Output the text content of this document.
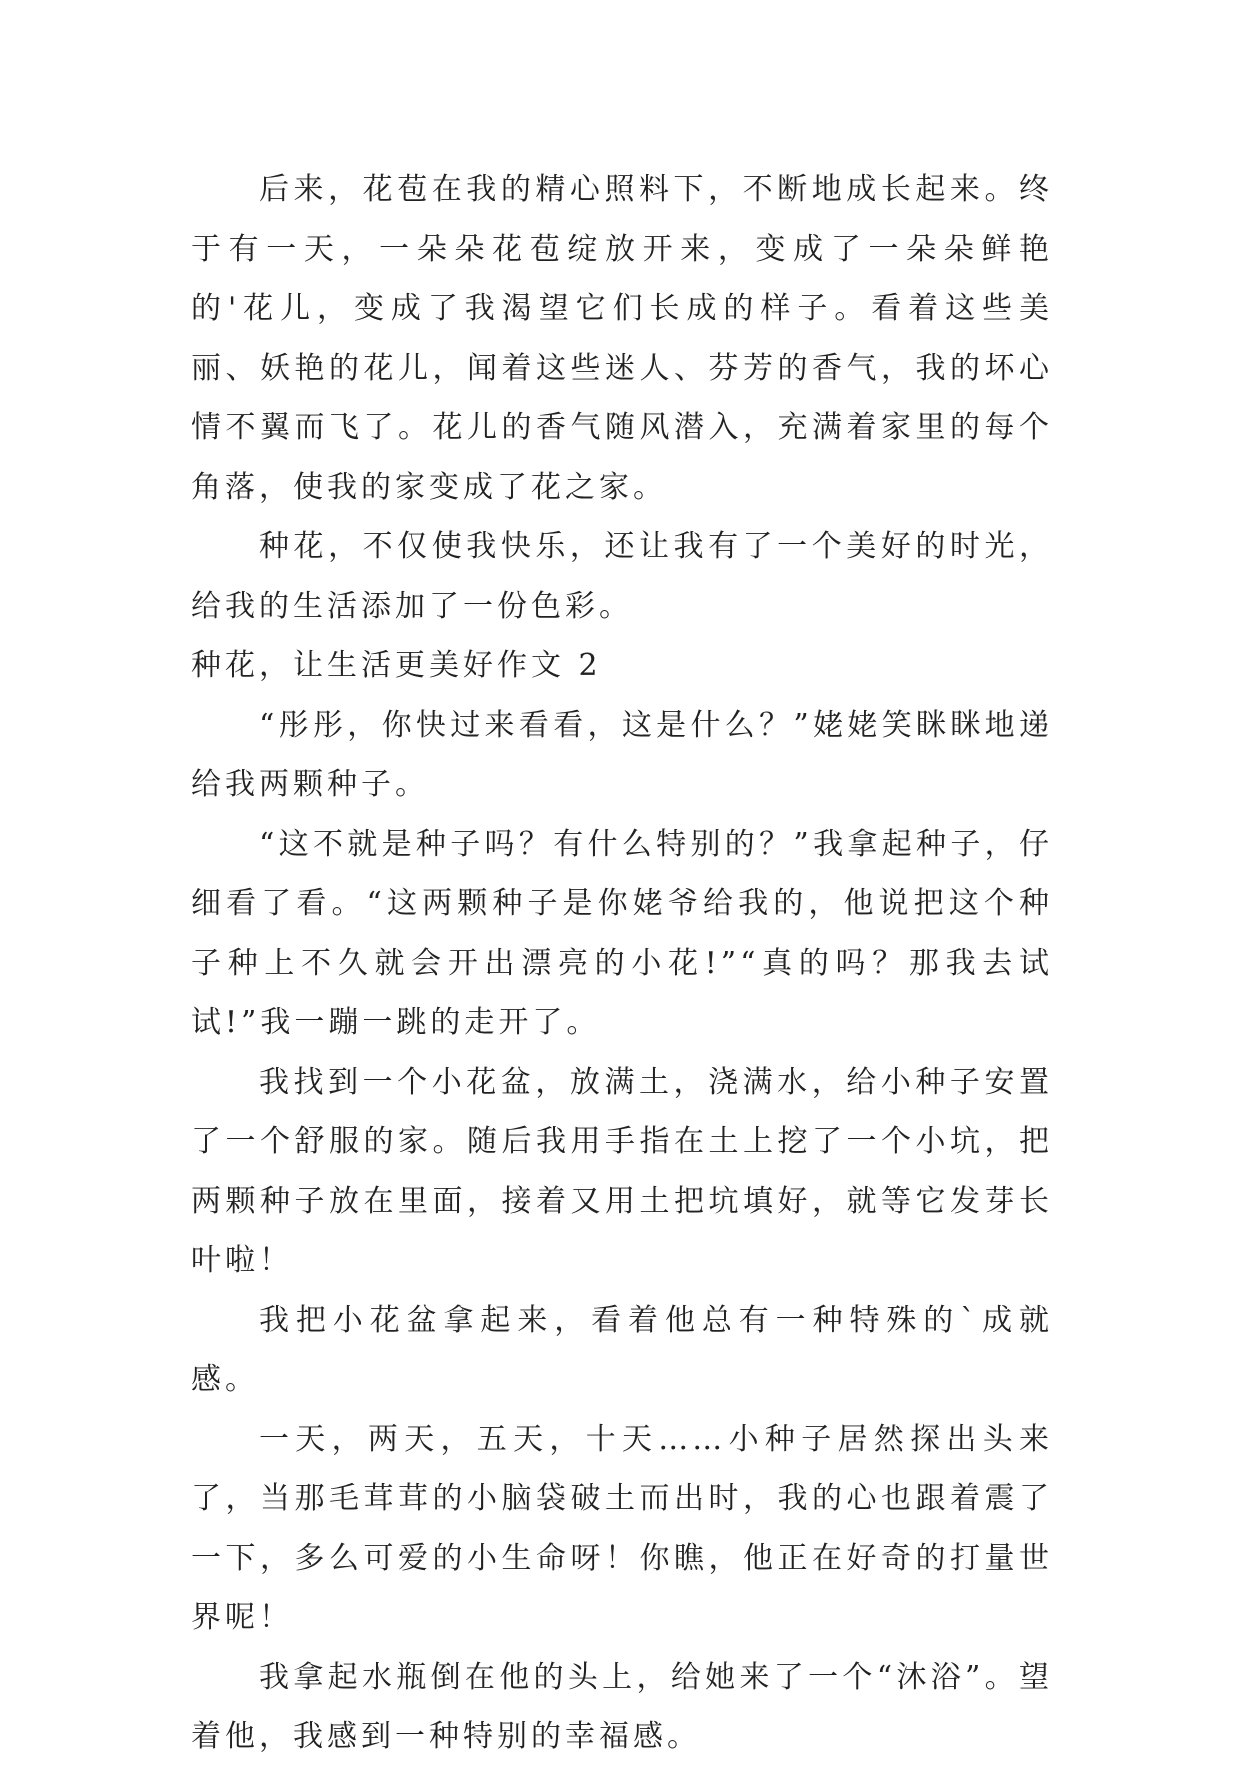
后来，花苞在我的精心照料下，不断地成长起来。终于有一天，一朵朵花苞绽放开来，变成了一朵朵鲜艳的'花儿，变成了我渴望它们长成的样子。看着这些美丽、妖艳的花儿，闻着这些迷人、芬芳的香气，我的坏心情不翼而飞了。花儿的香气随风潜入，充满着家里的每个角落，使我的家变成了花之家。

种花，不仅使我快乐，还让我有了一个美好的时光，给我的生活添加了一份色彩。

种花，让生活更美好作文 2

“彤彤，你快过来看看，这是什么？”姥姥笑眯眯地递给我两颗种子。

“这不就是种子吗？有什么特别的？”我拿起种子，仔细看了看。“这两颗种子是你姥爷给我的，他说把这个种子种上不久就会开出漂亮的小花!”“真的吗？那我去试试!”我一蹦一跳的走开了。

我找到一个小花盆，放满土，浇满水，给小种子安置了一个舒服的家。随后我用手指在土上挖了一个小坑，把两颗种子放在里面，接着又用土把坑填好，就等它发芽长叶啦！

我把小花盆拿起来，看着他总有一种特殊的`成就感。

一天，两天，五天，十天……小种子居然探出头来了，当那毛茸茸的小脑袋破土而出时，我的心也跟着震了一下，多么可爱的小生命呀！你瞧，他正在好奇的打量世界呢！

我拿起水瓶倒在他的头上，给她来了一个“沐浴”。望着他，我感到一种特别的幸福感。
